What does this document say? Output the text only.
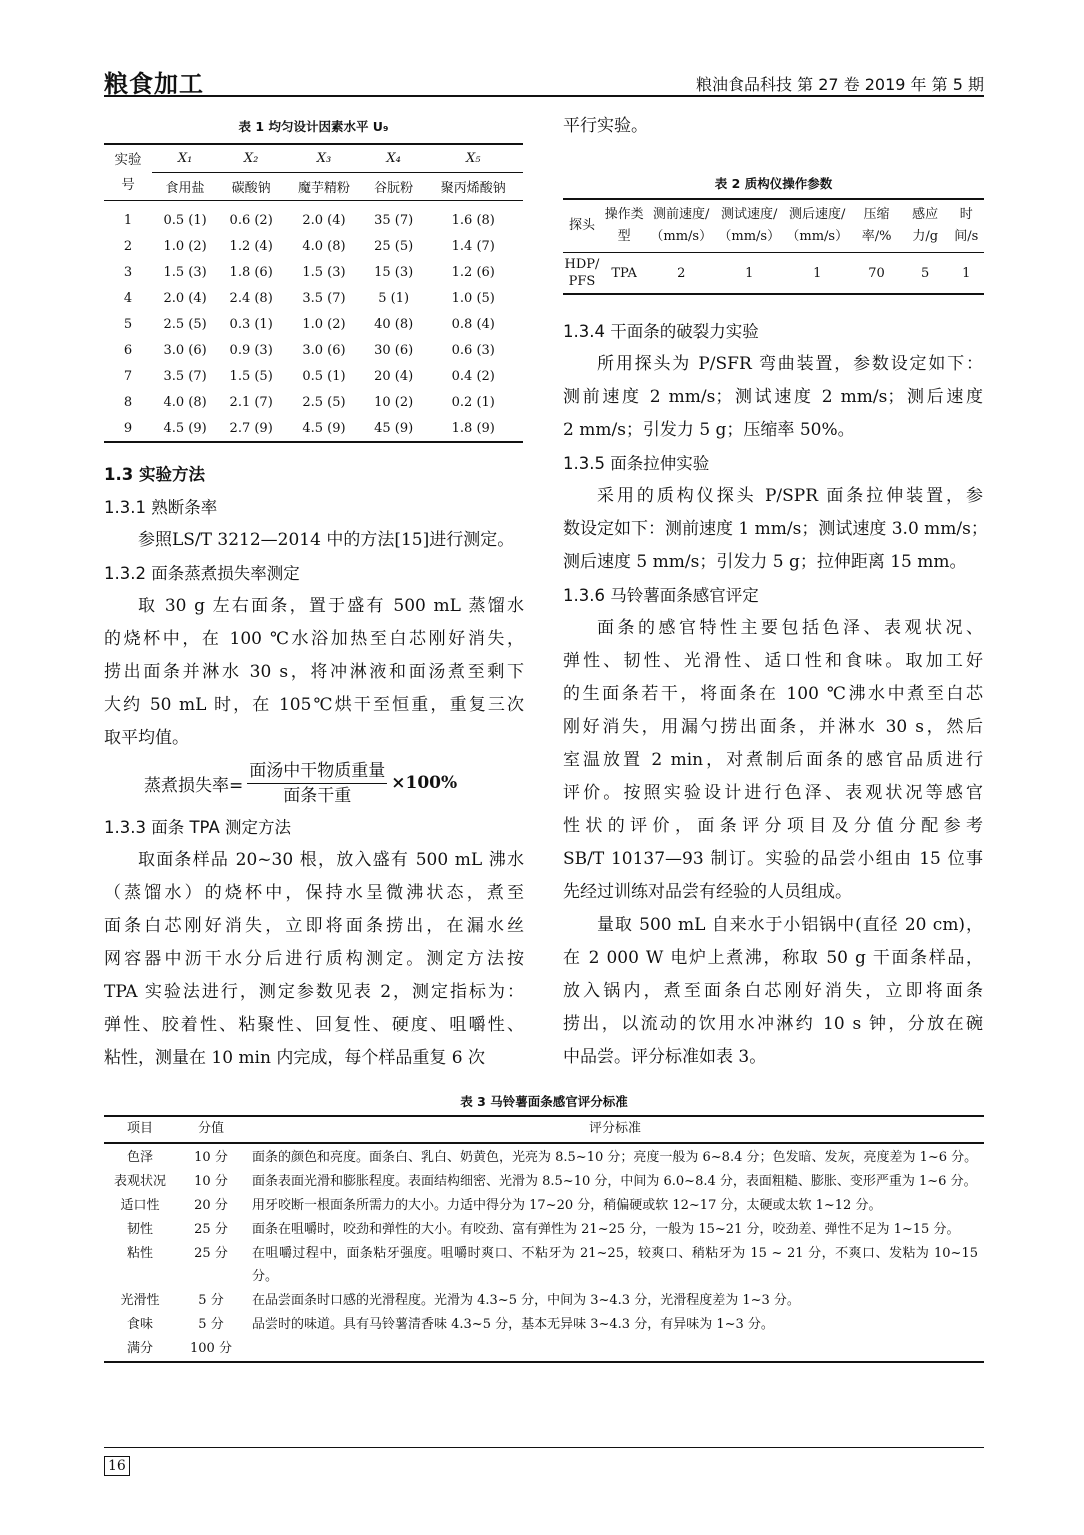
粮食加工	粮油食品科技 第 27 卷 2019 年 第 5 期
表 1 均匀设计因素水平 U₉
实验号	X₁	X₂	X₃	X₄	X₅
	食用盐	碳酸钠	魔芋精粉	谷朊粉	聚丙烯酸钠
1	0.5 (1)	0.6 (2)	2.0 (4)	35 (7)	1.6 (8)
2	1.0 (2)	1.2 (4)	4.0 (8)	25 (5)	1.4 (7)
3	1.5 (3)	1.8 (6)	1.5 (3)	15 (3)	1.2 (6)
4	2.0 (4)	2.4 (8)	3.5 (7)	5 (1)	1.0 (5)
5	2.5 (5)	0.3 (1)	1.0 (2)	40 (8)	0.8 (4)
6	3.0 (6)	0.9 (3)	3.0 (6)	30 (6)	0.6 (3)
7	3.5 (7)	1.5 (5)	0.5 (1)	20 (4)	0.4 (2)
8	4.0 (8)	2.1 (7)	2.5 (5)	10 (2)	0.2 (1)
9	4.5 (9)	2.7 (9)	4.5 (9)	45 (9)	1.8 (9)
1.3 实验方法
1.3.1 熟断条率
参照LS/T 3212—2014 中的方法[15]进行测定。
1.3.2 面条蒸煮损失率测定
取 30 g 左右面条，置于盛有 500 mL 蒸馏水
的烧杯中，在 100 ℃水浴加热至白芯刚好消失，
捞出面条并淋水 30 s，将冲淋液和面汤煮至剩下
大约 50 mL 时，在 105℃烘干至恒重，重复三次
取平均值。
蒸煮损失率= $\frac{\text{面汤中干物质重量}}{\text{面条干重}} \times 100\%$
1.3.3 面条 TPA 测定方法
取面条样品 20~30 根，放入盛有 500 mL 沸水
（蒸馏水）的烧杯中，保持水呈微沸状态，煮至
面条白芯刚好消失，立即将面条捞出，在漏水丝
网容器中沥干水分后进行质构测定。测定方法按
TPA 实验法进行，测定参数见表 2，测定指标为：
弹性、胶着性、粘聚性、回复性、硬度、咀嚼性、
粘性，测量在 10 min 内完成，每个样品重复 6 次
平行实验。
表 2 质构仪操作参数
探头	操作类型	测前速度/（mm/s）	测试速度/（mm/s）	测后速度/（mm/s）	压缩率/%	感应力/g	时间/s
HDP/PFS	TPA	2	1	1	70	5	1
1.3.4 干面条的破裂力实验
所用探头为 P/SFR 弯曲装置，参数设定如下：
测前速度 2 mm/s；测试速度 2 mm/s；测后速度
2 mm/s；引发力 5 g；压缩率 50%。
1.3.5 面条拉伸实验
采用的质构仪探头 P/SPR 面条拉伸装置，参
数设定如下：测前速度 1 mm/s；测试速度 3.0 mm/s；
测后速度 5 mm/s；引发力 5 g；拉伸距离 15 mm。
1.3.6 马铃薯面条感官评定
面条的感官特性主要包括色泽、表观状况、
弹性、韧性、光滑性、适口性和食味。取加工好
的生面条若干，将面条在 100 ℃沸水中煮至白芯
刚好消失，用漏勺捞出面条，并淋水 30 s，然后
室温放置 2 min，对煮制后面条的感官品质进行
评价。按照实验设计进行色泽、表观状况等感官
性状的评价，面条评分项目及分值分配参考
SB/T 10137—93 制订。实验的品尝小组由 15 位事
先经过训练对品尝有经验的人员组成。
量取 500 mL 自来水于小铝锅中(直径 20 cm)，
在 2 000 W 电炉上煮沸，称取 50 g 干面条样品，
放入锅内，煮至面条白芯刚好消失，立即将面条
捞出，以流动的饮用水冲淋约 10 s 钟，分放在碗
中品尝。评分标准如表 3。
表 3 马铃薯面条感官评分标准
项目	分值	评分标准
色泽	10 分	面条的颜色和亮度。面条白、乳白、奶黄色，光亮为 8.5~10 分；亮度一般为 6~8.4 分；色发暗、发灰，亮度差为 1~6 分。
表观状况	10 分	面条表面光滑和膨胀程度。表面结构细密、光滑为 8.5~10 分，中间为 6.0~8.4 分，表面粗糙、膨胀、变形严重为 1~6 分。
适口性	20 分	用牙咬断一根面条所需力的大小。力适中得分为 17~20 分，稍偏硬或软 12~17 分，太硬或太软 1~12 分。
韧性	25 分	面条在咀嚼时，咬劲和弹性的大小。有咬劲、富有弹性为 21~25 分，一般为 15~21 分，咬劲差、弹性不足为 1~15 分。
粘性	25 分	在咀嚼过程中，面条粘牙强度。咀嚼时爽口、不粘牙为 21~25，较爽口、稍粘牙为 15 ~ 21 分，不爽口、发粘为 10~15 分。
光滑性	5 分	在品尝面条时口感的光滑程度。光滑为 4.3~5 分，中间为 3~4.3 分，光滑程度差为 1~3 分。
食味	5 分	品尝时的味道。具有马铃薯清香味 4.3~5 分，基本无异味 3~4.3 分，有异味为 1~3 分。
满分	100 分	
16
